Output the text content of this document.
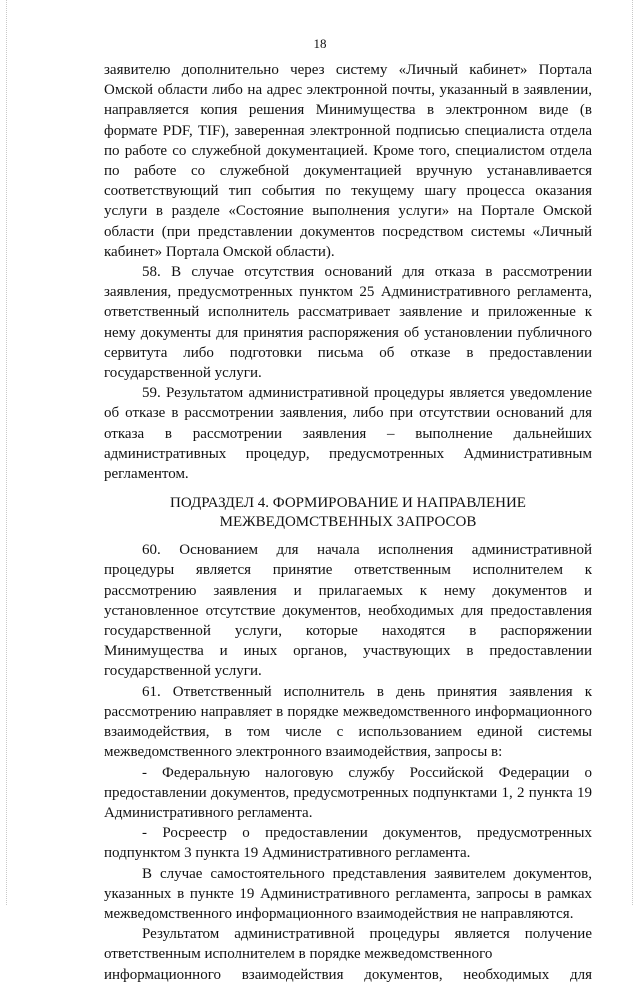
18

заявителю дополнительно через систему «Личный кабинет» Портала Омской области либо на адрес электронной почты, указанный в заявлении, направляется копия решения Минимущества в электронном виде (в формате PDF, TIF), заверенная электронной подписью специалиста отдела по работе со служебной документацией. Кроме того, специалистом отдела по работе со служебной документацией вручную устанавливается соответствующий тип события по текущему шагу процесса оказания услуги в разделе «Состояние выполнения услуги» на Портале Омской области (при представлении документов посредством системы «Личный кабинет» Портала Омской области).

58. В случае отсутствия оснований для отказа в рассмотрении заявления, предусмотренных пунктом 25 Административного регламента, ответственный исполнитель рассматривает заявление и приложенные к нему документы для принятия распоряжения об установлении публичного сервитута либо подготовки письма об отказе в предоставлении государственной услуги.

59. Результатом административной процедуры является уведомление об отказе в рассмотрении заявления, либо при отсутствии оснований для отказа в рассмотрении заявления – выполнение дальнейших административных процедур, предусмотренных Административным регламентом.

ПОДРАЗДЕЛ 4. ФОРМИРОВАНИЕ И НАПРАВЛЕНИЕ
МЕЖВЕДОМСТВЕННЫХ ЗАПРОСОВ

60. Основанием для начала исполнения административной процедуры является принятие ответственным исполнителем к рассмотрению заявления и прилагаемых к нему документов и установленное отсутствие документов, необходимых для предоставления государственной услуги, которые находятся в распоряжении Минимущества и иных органов, участвующих в предоставлении государственной услуги.

61. Ответственный исполнитель в день принятия заявления к рассмотрению направляет в порядке межведомственного информационного взаимодействия, в том числе с использованием единой системы межведомственного электронного взаимодействия, запросы в:

- Федеральную налоговую службу Российской Федерации о предоставлении документов, предусмотренных подпунктами 1, 2 пункта 19 Административного регламента.

- Росреестр о предоставлении документов, предусмотренных подпунктом 3 пункта 19 Административного регламента.

В случае самостоятельного представления заявителем документов, указанных в пункте 19 Административного регламента, запросы в рамках межведомственного информационного взаимодействия не направляются.

Результатом административной процедуры является получение ответственным исполнителем в порядке межведомственного

информационного взаимодействия документов, необходимых для
